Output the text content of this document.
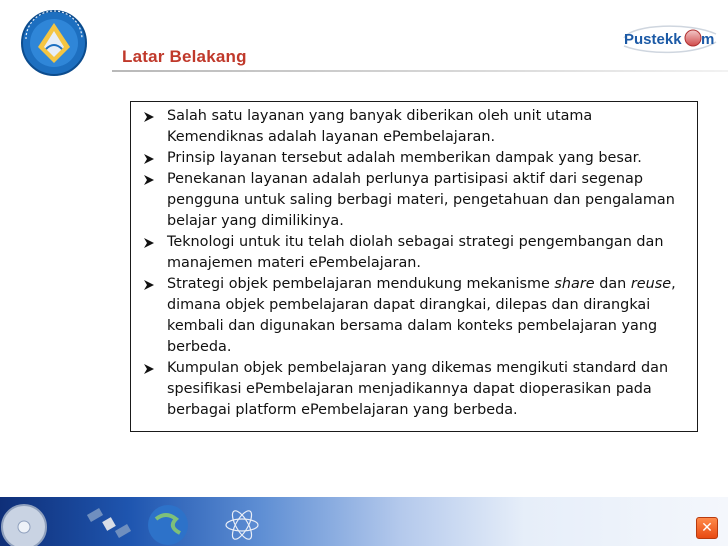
Latar Belakang
Pustekk m
Salah satu layanan yang banyak diberikan oleh unit utama Kemendiknas adalah layanan ePembelajaran.
Prinsip layanan tersebut adalah memberikan dampak yang besar.
Penekanan layanan adalah perlunya partisipasi aktif dari segenap pengguna untuk saling berbagi materi, pengetahuan dan pengalaman belajar yang dimilikinya.
Teknologi untuk itu telah diolah sebagai strategi pengembangan dan manajemen materi ePembelajaran.
Strategi objek pembelajaran mendukung mekanisme share dan reuse, dimana objek pembelajaran dapat dirangkai, dilepas dan dirangkai kembali dan digunakan bersama dalam konteks pembelajaran yang berbeda.
Kumpulan objek pembelajaran yang dikemas mengikuti standard dan spesifikasi ePembelajaran menjadikannya dapat dioperasikan pada berbagai platform ePembelajaran yang berbeda.
✕
